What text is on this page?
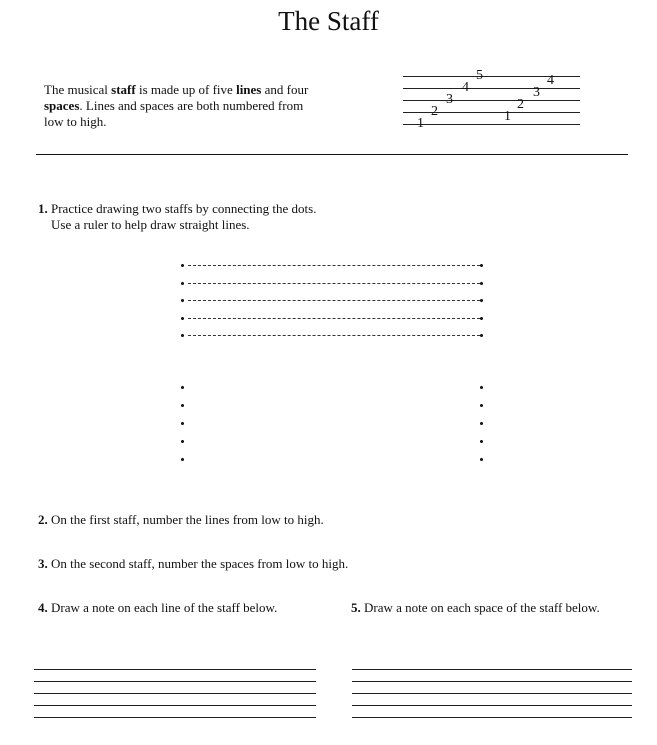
The Staff
The musical staff is made up of five lines and four spaces. Lines and spaces are both numbered from low to high.	1
2
3
4
5
1
2
3
4
1. Practice drawing two staffs by connecting the dots.
Use a ruler to help draw straight lines.
2. On the first staff, number the lines from low to high.
3. On the second staff, number the spaces from low to high.
4. Draw a note on each line of the staff below.	5. Draw a note on each space of the staff below.
